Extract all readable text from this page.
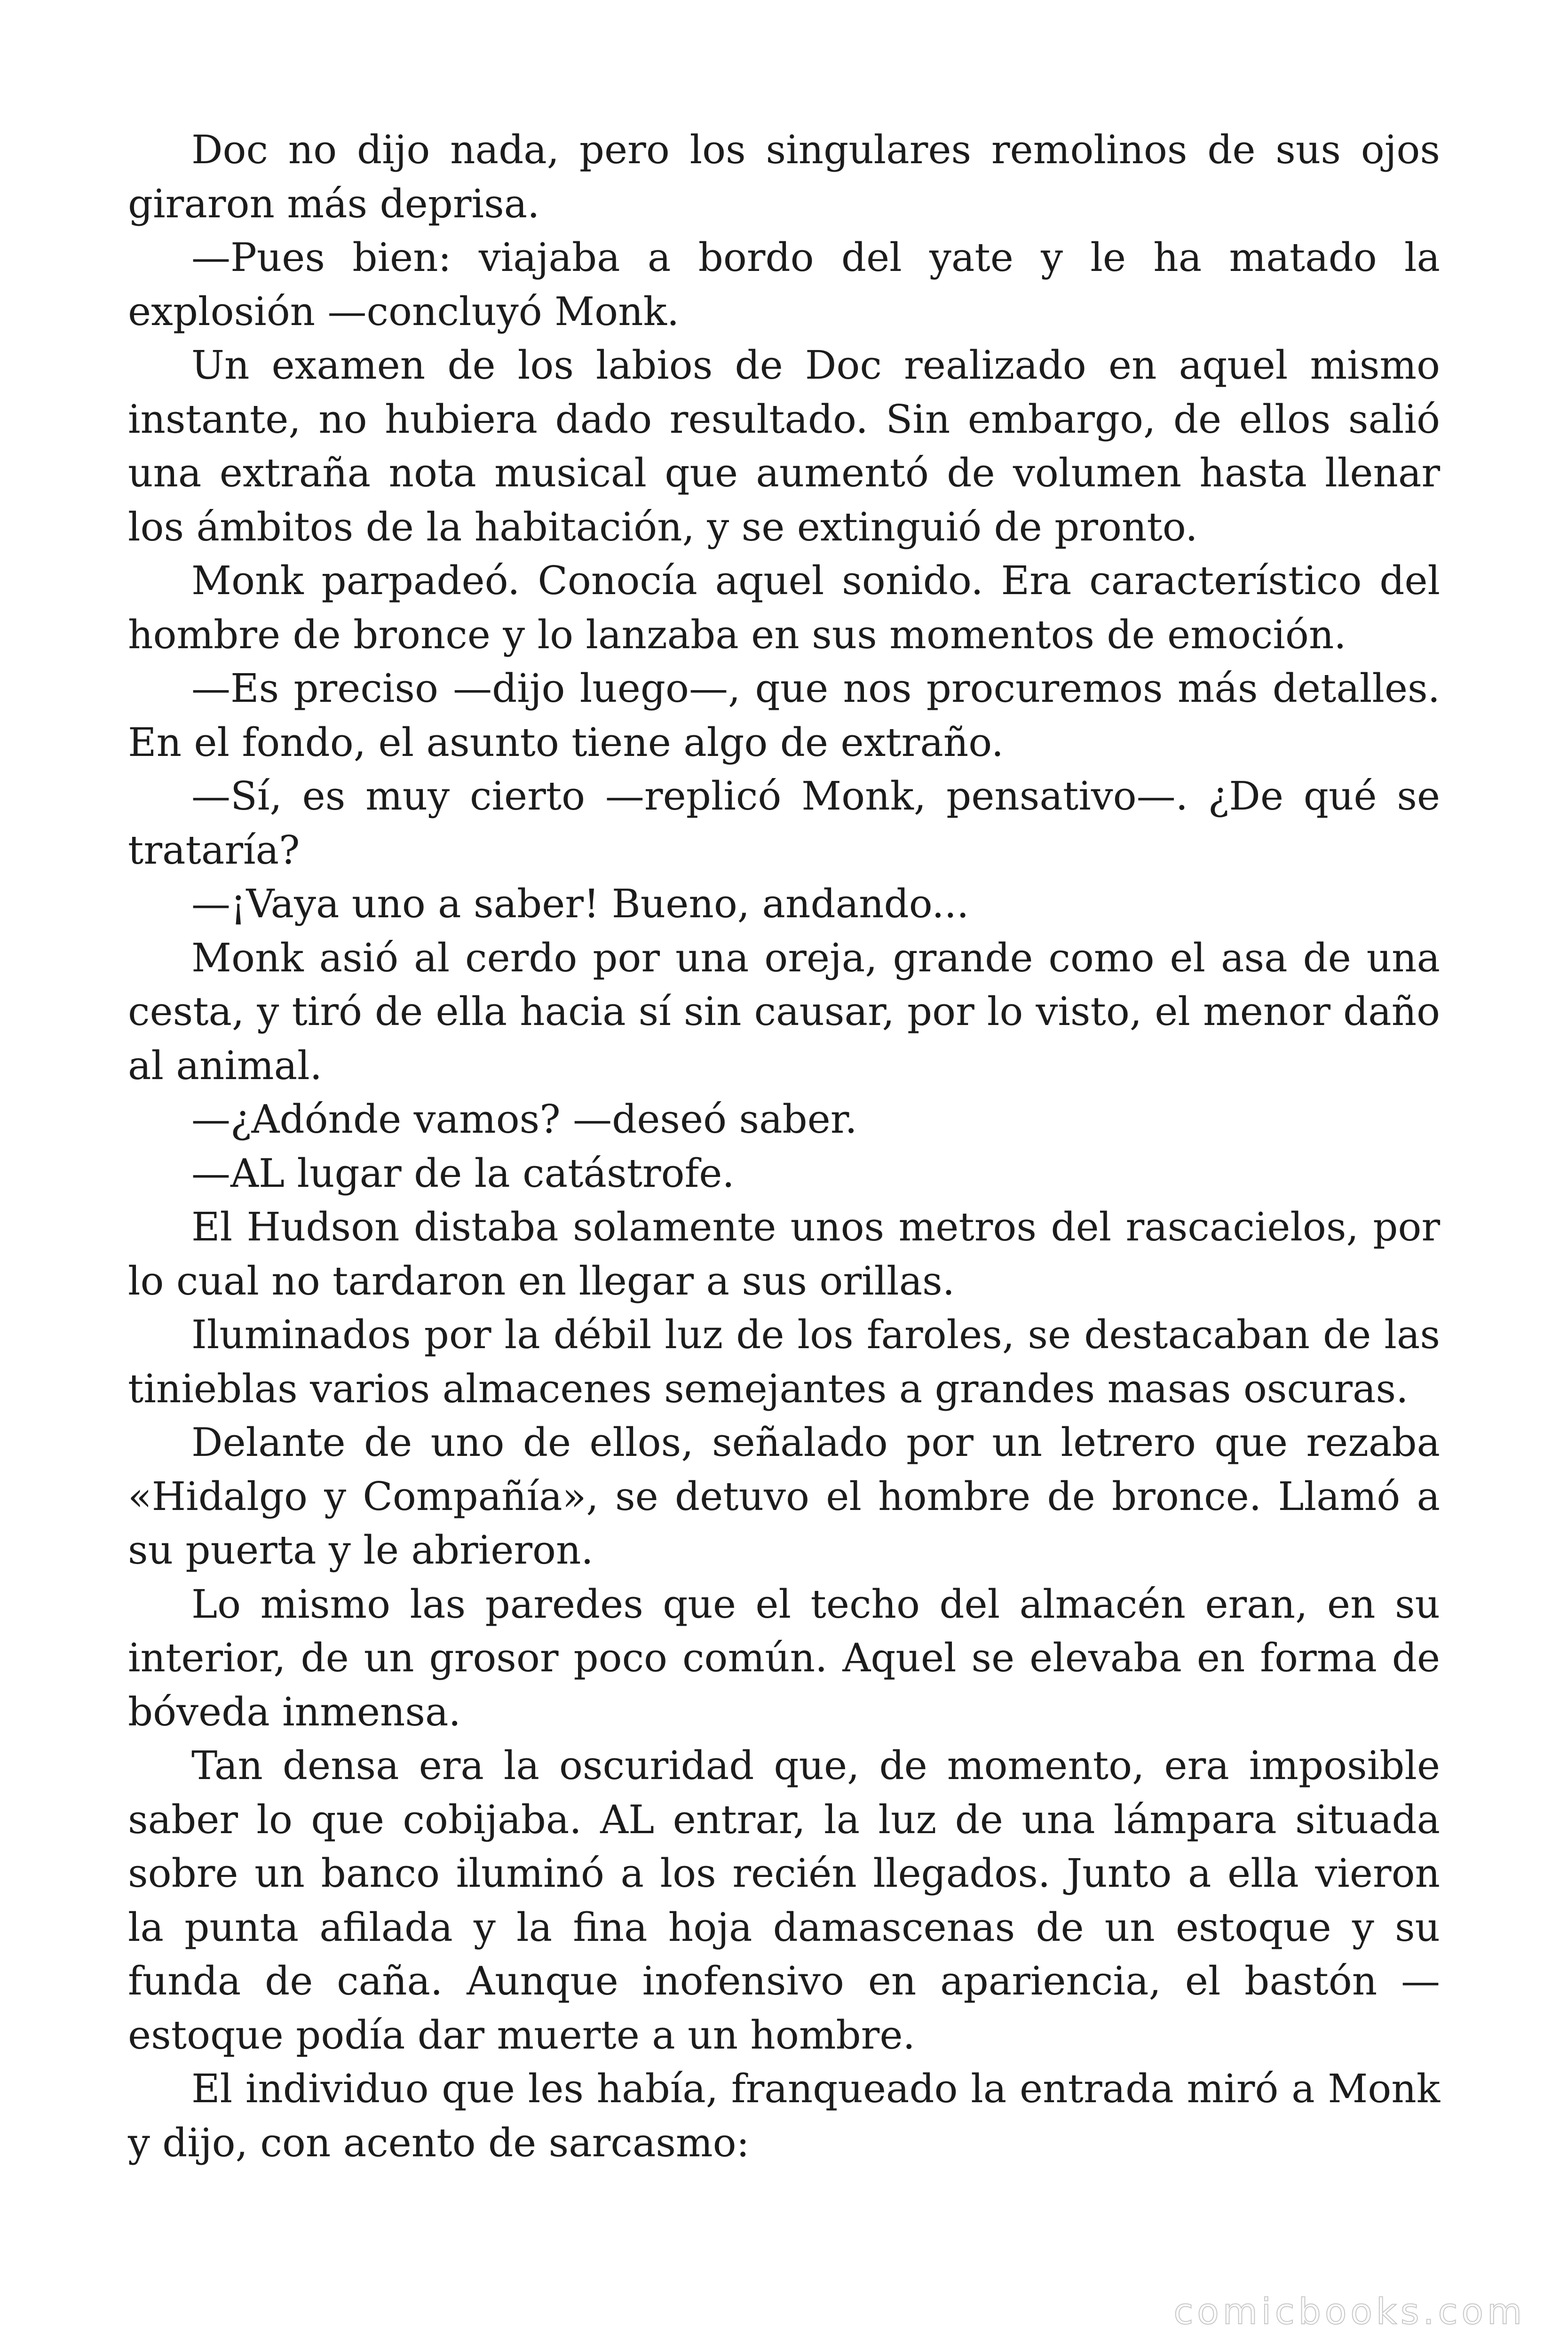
Doc no dijo nada, pero los singulares remolinos de sus ojos giraron más deprisa.

—Pues bien: viajaba a bordo del yate y le ha matado la explosión —concluyó Monk.

Un examen de los labios de Doc realizado en aquel mismo instante, no hubiera dado resultado. Sin embargo, de ellos salió una extraña nota musical que aumentó de volumen hasta llenar los ámbitos de la habitación, y se extinguió de pronto.

Monk parpadeó. Conocía aquel sonido. Era característico del hombre de bronce y lo lanzaba en sus momentos de emoción.

—Es preciso —dijo luego—, que nos procuremos más detalles. En el fondo, el asunto tiene algo de extraño.

—Sí, es muy cierto —replicó Monk, pensativo—. ¿De qué se trataría?

—¡Vaya uno a saber! Bueno, andando...

Monk asió al cerdo por una oreja, grande como el asa de una cesta, y tiró de ella hacia sí sin causar, por lo visto, el menor daño al animal.

—¿Adónde vamos? —deseó saber.

—AL lugar de la catástrofe.

El Hudson distaba solamente unos metros del rascacielos, por lo cual no tardaron en llegar a sus orillas.

Iluminados por la débil luz de los faroles, se destacaban de las tinieblas varios almacenes semejantes a grandes masas oscuras.

Delante de uno de ellos, señalado por un letrero que rezaba «Hidalgo y Compañía», se detuvo el hombre de bronce. Llamó a su puerta y le abrieron.

Lo mismo las paredes que el techo del almacén eran, en su interior, de un grosor poco común. Aquel se elevaba en forma de bóveda inmensa.

Tan densa era la oscuridad que, de momento, era imposible saber lo que cobijaba. AL entrar, la luz de una lámpara situada sobre un banco iluminó a los recién llegados. Junto a ella vieron la punta afilada y la fina hoja damascenas de un estoque y su funda de caña. Aunque inofensivo en apariencia, el bastón —estoque podía dar muerte a un hombre.

El individuo que les había, franqueado la entrada miró a Monk y dijo, con acento de sarcasmo:

comicbooks.com
